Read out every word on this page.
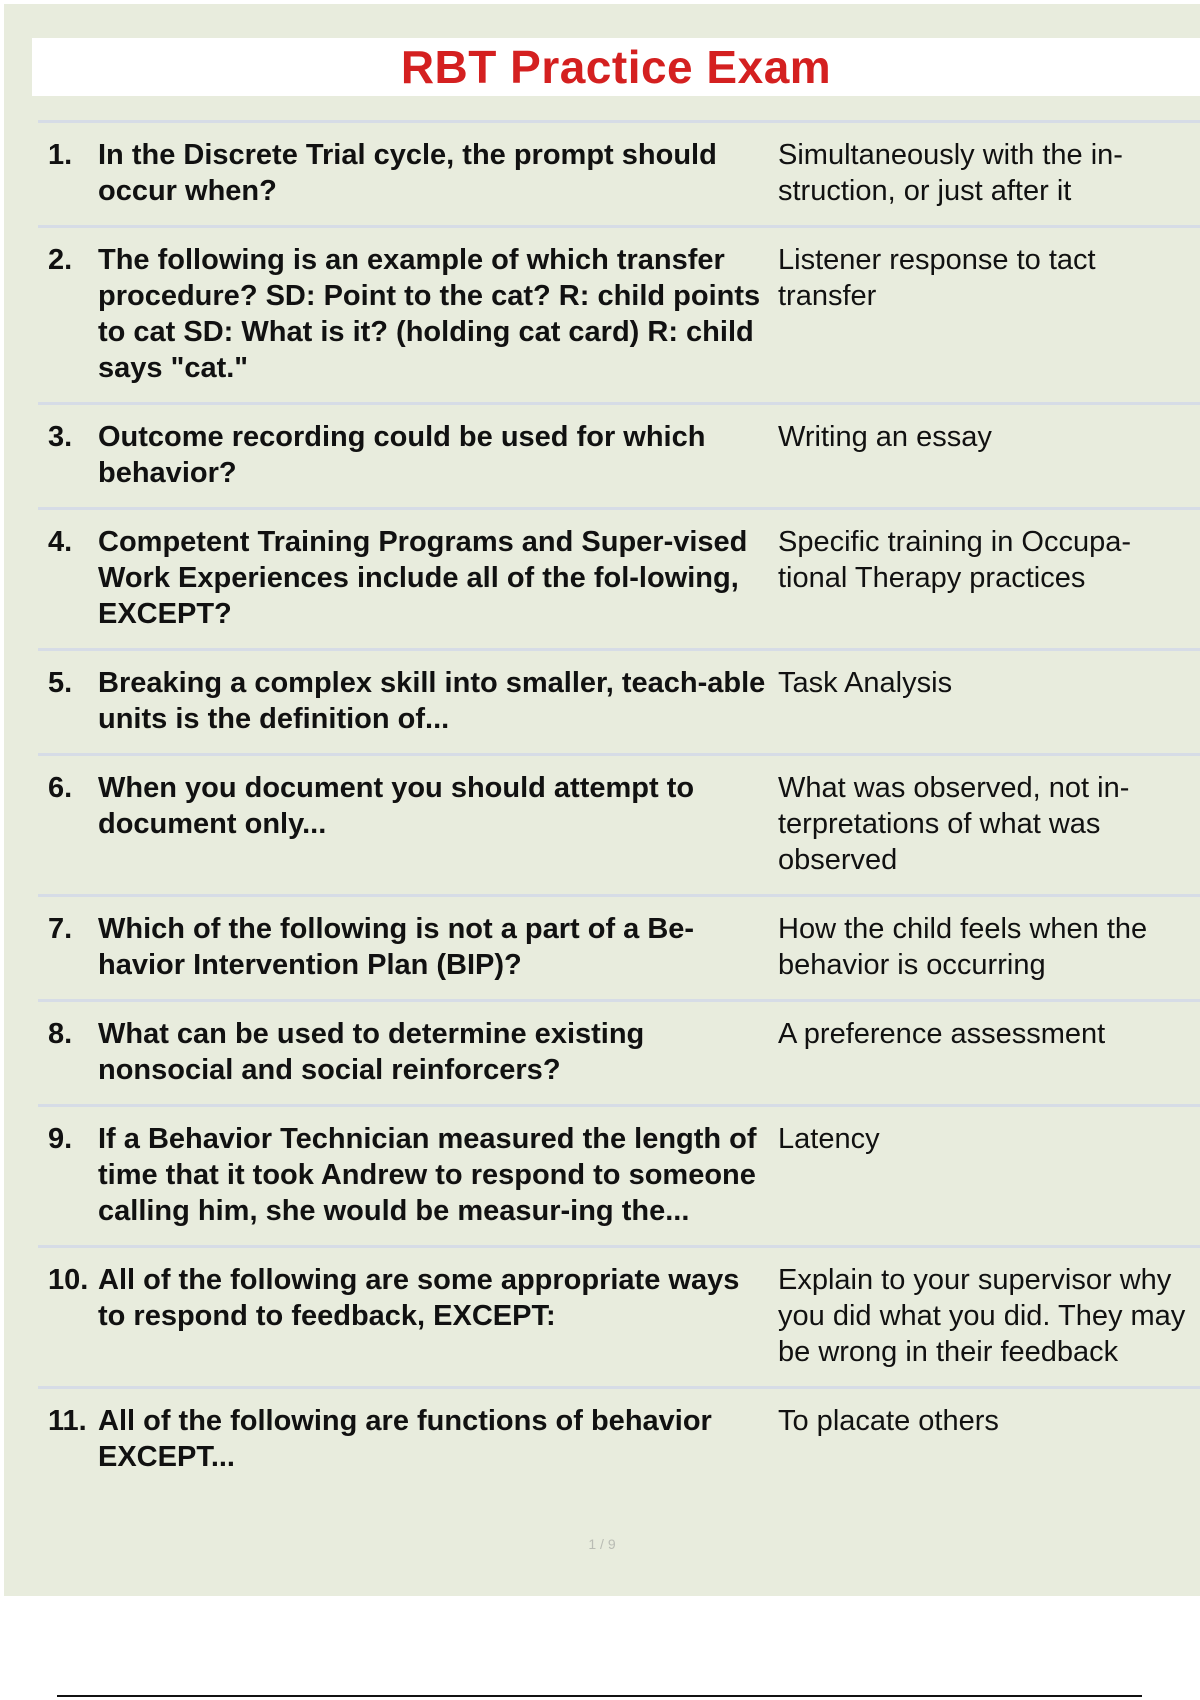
RBT Practice Exam
1. In the Discrete Trial cycle, the prompt should occur when?
Simultaneously with the in-struction, or just after it
2. The following is an example of which transfer procedure? SD: Point to the cat? R: child points to cat SD: What is it? (holding cat card) R: child says "cat."
Listener response to tact transfer
3. Outcome recording could be used for which behavior?
Writing an essay
4. Competent Training Programs and Super-vised Work Experiences include all of the fol-lowing, EXCEPT?
Specific training in Occupa-tional Therapy practices
5. Breaking a complex skill into smaller, teach-able units is the definition of...
Task Analysis
6. When you document you should attempt to document only...
What was observed, not in-terpretations of what was observed
7. Which of the following is not a part of a Be-havior Intervention Plan (BIP)?
How the child feels when the behavior is occurring
8. What can be used to determine existing nonsocial and social reinforcers?
A preference assessment
9. If a Behavior Technician measured the length of time that it took Andrew to respond to someone calling him, she would be measur-ing the...
Latency
10. All of the following are some appropriate ways to respond to feedback, EXCEPT:
Explain to your supervisor why you did what you did. They may be wrong in their feedback
11. All of the following are functions of behavior EXCEPT...
To placate others
1 / 9
